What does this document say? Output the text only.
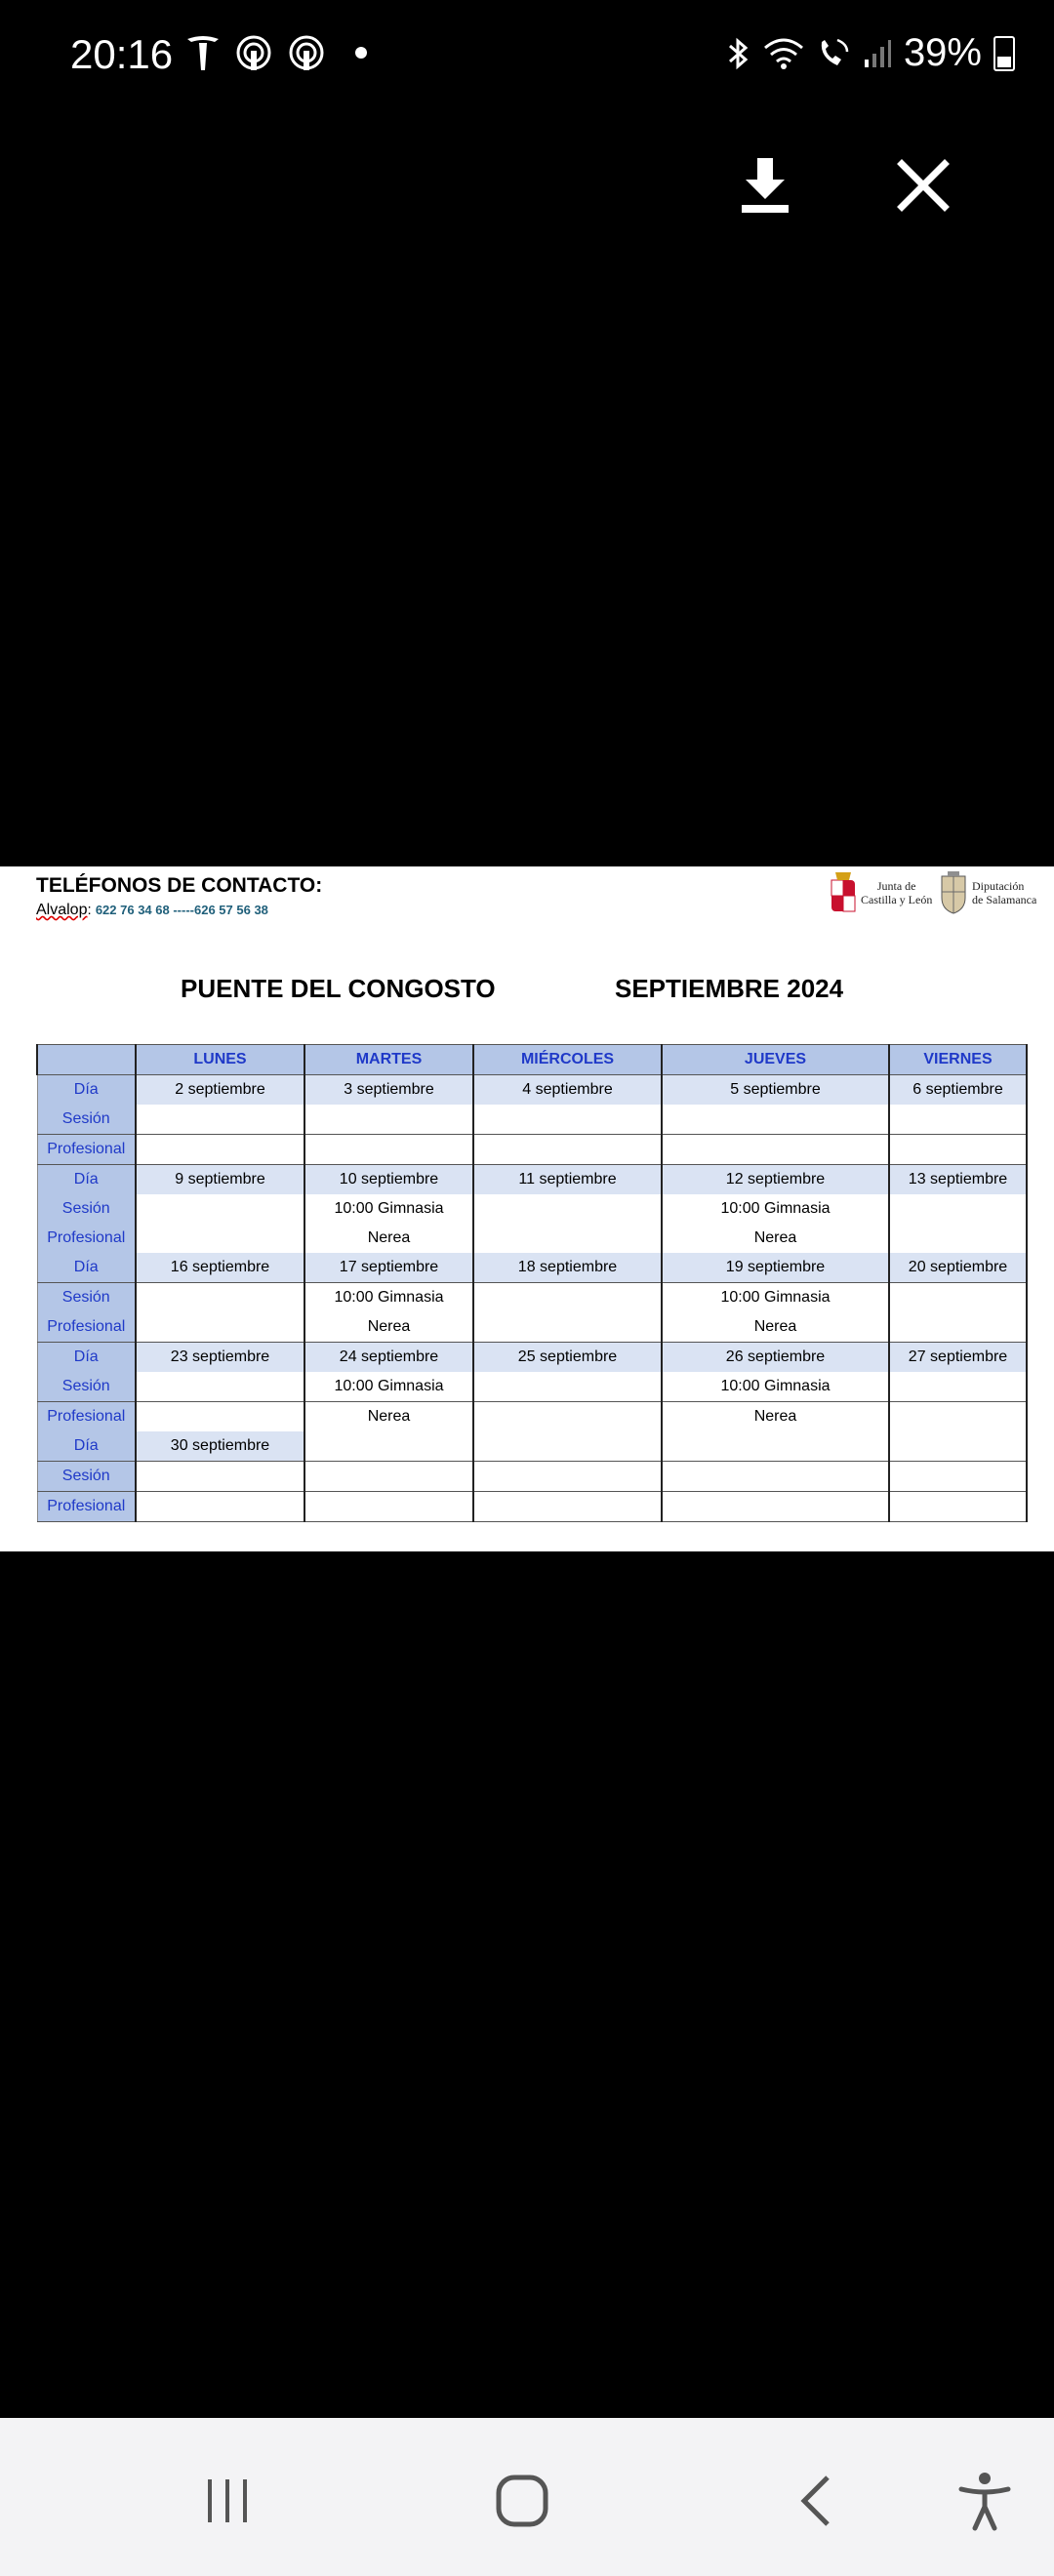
20:16	39%
TELÉFONOS DE CONTACTO:
Alvalop: 622 76 34 68 -----626 57 56 38
Junta de
Castilla y León
Diputación
de Salamanca
PUENTE DEL CONGOSTO	SEPTIEMBRE 2024
	LUNES	MARTES	MIÉRCOLES	JUEVES	VIERNES
Día	2 septiembre	3 septiembre	4 septiembre	5 septiembre	6 septiembre
Sesión					
Profesional					
Día	9 septiembre	10 septiembre	11 septiembre	12 septiembre	13 septiembre
Sesión		10:00 Gimnasia		10:00 Gimnasia	
Profesional		Nerea		Nerea	
Día	16 septiembre	17 septiembre	18 septiembre	19 septiembre	20 septiembre
Sesión		10:00 Gimnasia		10:00 Gimnasia	
Profesional		Nerea		Nerea	
Día	23 septiembre	24 septiembre	25 septiembre	26 septiembre	27 septiembre
Sesión		10:00 Gimnasia		10:00 Gimnasia	
Profesional		Nerea		Nerea	
Día	30 septiembre				
Sesión					
Profesional					
